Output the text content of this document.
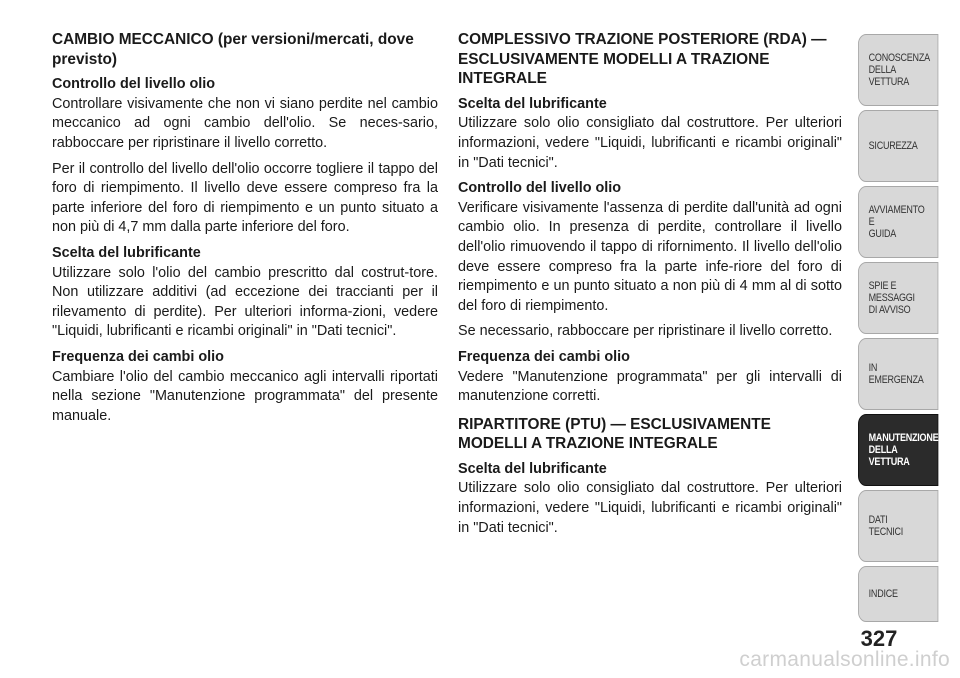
CAMBIO MECCANICO (per versioni/mercati, dove previsto)

Controllo del livello olio

Controllare visivamente che non vi siano perdite nel cambio meccanico ad ogni cambio dell'olio. Se neces-sario, rabboccare per ripristinare il livello corretto.

Per il controllo del livello dell'olio occorre togliere il tappo del foro di riempimento. Il livello deve essere compreso fra la parte inferiore del foro di riempimento e un punto situato a non più di 4,7 mm dalla parte inferiore del foro.

Scelta del lubrificante

Utilizzare solo l'olio del cambio prescritto dal costrut-tore. Non utilizzare additivi (ad eccezione dei traccianti per il rilevamento di perdite). Per ulteriori informa-zioni, vedere "Liquidi, lubrificanti e ricambi originali" in "Dati tecnici".

Frequenza dei cambi olio

Cambiare l'olio del cambio meccanico agli intervalli riportati nella sezione "Manutenzione programmata" del presente manuale.

COMPLESSIVO TRAZIONE POSTERIORE (RDA) — ESCLUSIVAMENTE MODELLI A TRAZIONE INTEGRALE

Scelta del lubrificante

Utilizzare solo olio consigliato dal costruttore. Per ulteriori informazioni, vedere "Liquidi, lubrificanti e ricambi originali" in "Dati tecnici".

Controllo del livello olio

Verificare visivamente l'assenza di perdite dall'unità ad ogni cambio olio. In presenza di perdite, controllare il livello dell'olio rimuovendo il tappo di rifornimento. Il livello dell'olio deve essere compreso fra la parte infe-riore del foro di riempimento e un punto situato a non più di 4 mm al di sotto del foro di riempimento.

Se necessario, rabboccare per ripristinare il livello corretto.

Frequenza dei cambi olio

Vedere "Manutenzione programmata" per gli intervalli di manutenzione corretti.

RIPARTITORE (PTU) — ESCLUSIVAMENTE MODELLI A TRAZIONE INTEGRALE

Scelta del lubrificante

Utilizzare solo olio consigliato dal costruttore. Per ulteriori informazioni, vedere "Liquidi, lubrificanti e ricambi originali" in "Dati tecnici".

CONOSCENZA
DELLA
VETTURA
SICUREZZA
AVVIAMENTO
E
GUIDA
SPIE E
MESSAGGI
DI AVVISO
IN
EMERGENZA
MANUTENZIONE
DELLA
VETTURA
DATI
TECNICI
INDICE
327
carmanualsonline.info
